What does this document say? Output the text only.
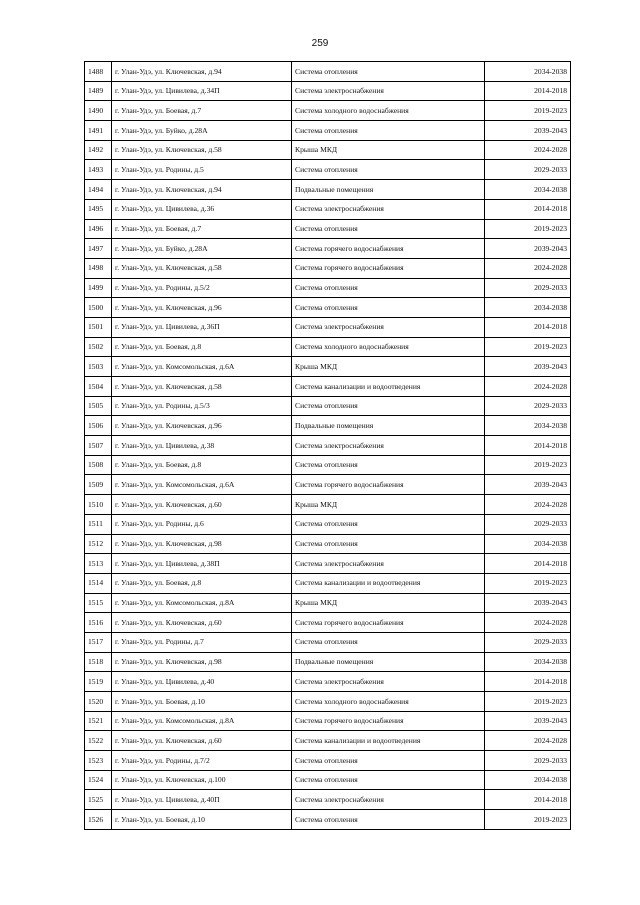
259
1488	г. Улан-Удэ, ул. Ключевская, д.94	Система отопления	2034-2038
1489	г. Улан-Удэ, ул. Цивилева, д.34П	Система электроснабжения	2014-2018
1490	г. Улан-Удэ, ул. Боевая, д.7	Система холодного водоснабжения	2019-2023
1491	г. Улан-Удэ, ул. Буйко, д.28А	Система отопления	2039-2043
1492	г. Улан-Удэ, ул. Ключевская, д.58	Крыша МКД	2024-2028
1493	г. Улан-Удэ, ул. Родины, д.5	Система отопления	2029-2033
1494	г. Улан-Удэ, ул. Ключевская, д.94	Подвальные помещения	2034-2038
1495	г. Улан-Удэ, ул. Цивилева, д.36	Система электроснабжения	2014-2018
1496	г. Улан-Удэ, ул. Боевая, д.7	Система отопления	2019-2023
1497	г. Улан-Удэ, ул. Буйко, д.28А	Система горячего водоснабжения	2039-2043
1498	г. Улан-Удэ, ул. Ключевская, д.58	Система горячего водоснабжения	2024-2028
1499	г. Улан-Удэ, ул. Родины, д.5/2	Система отопления	2029-2033
1500	г. Улан-Удэ, ул. Ключевская, д.96	Система отопления	2034-2038
1501	г. Улан-Удэ, ул. Цивилева, д.36П	Система электроснабжения	2014-2018
1502	г. Улан-Удэ, ул. Боевая, д.8	Система холодного водоснабжения	2019-2023
1503	г. Улан-Удэ, ул. Комсомольская, д.6А	Крыша МКД	2039-2043
1504	г. Улан-Удэ, ул. Ключевская, д.58	Система канализации и водоотведения	2024-2028
1505	г. Улан-Удэ, ул. Родины, д.5/3	Система отопления	2029-2033
1506	г. Улан-Удэ, ул. Ключевская, д.96	Подвальные помещения	2034-2038
1507	г. Улан-Удэ, ул. Цивилева, д.38	Система электроснабжения	2014-2018
1508	г. Улан-Удэ, ул. Боевая, д.8	Система отопления	2019-2023
1509	г. Улан-Удэ, ул. Комсомольская, д.6А	Система горячего водоснабжения	2039-2043
1510	г. Улан-Удэ, ул. Ключевская, д.60	Крыша МКД	2024-2028
1511	г. Улан-Удэ, ул. Родины, д.6	Система отопления	2029-2033
1512	г. Улан-Удэ, ул. Ключевская, д.98	Система отопления	2034-2038
1513	г. Улан-Удэ, ул. Цивилева, д.38П	Система электроснабжения	2014-2018
1514	г. Улан-Удэ, ул. Боевая, д.8	Система канализации и водоотведения	2019-2023
1515	г. Улан-Удэ, ул. Комсомольская, д.8А	Крыша МКД	2039-2043
1516	г. Улан-Удэ, ул. Ключевская, д.60	Система горячего водоснабжения	2024-2028
1517	г. Улан-Удэ, ул. Родины, д.7	Система отопления	2029-2033
1518	г. Улан-Удэ, ул. Ключевская, д.98	Подвальные помещения	2034-2038
1519	г. Улан-Удэ, ул. Цивилева, д.40	Система электроснабжения	2014-2018
1520	г. Улан-Удэ, ул. Боевая, д.10	Система холодного водоснабжения	2019-2023
1521	г. Улан-Удэ, ул. Комсомольская, д.8А	Система горячего водоснабжения	2039-2043
1522	г. Улан-Удэ, ул. Ключевская, д.60	Система канализации и водоотведения	2024-2028
1523	г. Улан-Удэ, ул. Родины, д.7/2	Система отопления	2029-2033
1524	г. Улан-Удэ, ул. Ключевская, д.100	Система отопления	2034-2038
1525	г. Улан-Удэ, ул. Цивилева, д.40П	Система электроснабжения	2014-2018
1526	г. Улан-Удэ, ул. Боевая, д.10	Система отопления	2019-2023
